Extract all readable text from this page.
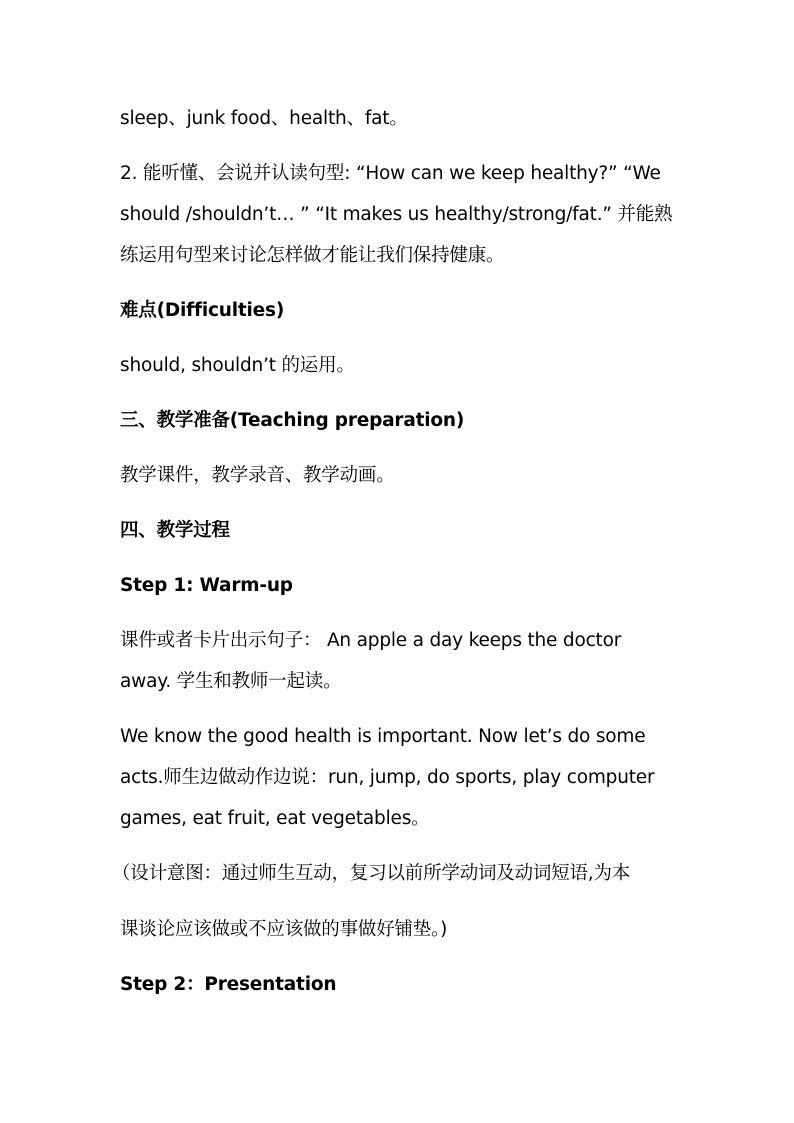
sleep、junk food、health、fat。
2. 能听懂、会说并认读句型: “How can we keep healthy?” “We
should /shouldn’t… ” “It makes us healthy/strong/fat.” 并能熟
练运用句型来讨论怎样做才能让我们保持健康。
难点(Difficulties)
should, shouldn’t 的运用。
三、教学准备(Teaching preparation)
教学课件，教学录音、教学动画。
四、教学过程
Step 1: Warm-up
课件或者卡片出示句子： An apple a day keeps the doctor
away. 学生和教师一起读。
We know the good health is important. Now let’s do some
acts.师生边做动作边说：run, jump, do sports, play computer
games, eat fruit, eat vegetables。
（设计意图：通过师生互动，复习以前所学动词及动词短语,为本
课谈论应该做或不应该做的事做好铺垫。)
Step 2：Presentation
